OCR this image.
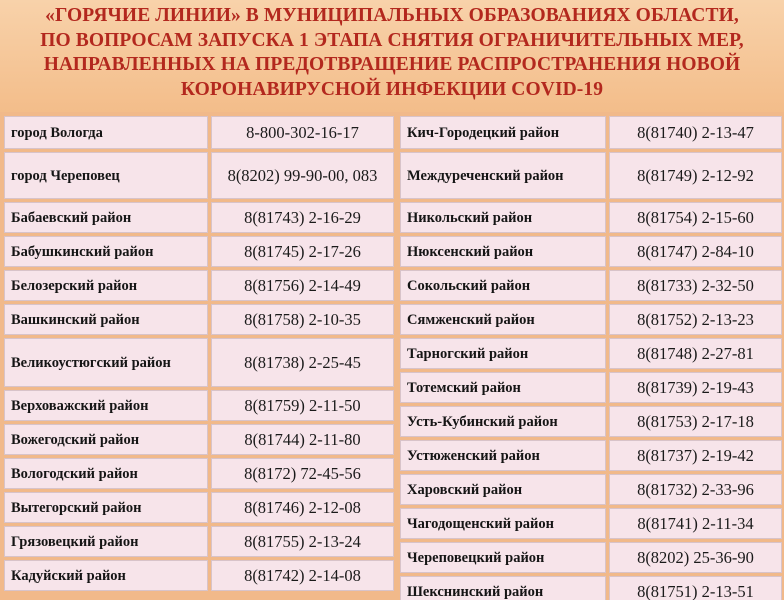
«ГОРЯЧИЕ ЛИНИИ» В МУНИЦИПАЛЬНЫХ ОБРАЗОВАНИЯХ ОБЛАСТИ,
ПО ВОПРОСАМ ЗАПУСКА 1 ЭТАПА СНЯТИЯ ОГРАНИЧИТЕЛЬНЫХ МЕР,
НАПРАВЛЕННЫХ НА ПРЕДОТВРАЩЕНИЕ РАСПРОСТРАНЕНИЯ НОВОЙ
КОРОНАВИРУСНОЙ ИНФЕКЦИИ COVID-19
город Вологда	8-800-302-16-17
город Череповец	8(8202) 99-90-00, 083
Бабаевский район	8(81743) 2-16-29
Бабушкинский район	8(81745) 2-17-26
Белозерский район	8(81756) 2-14-49
Вашкинский район	8(81758) 2-10-35
Великоустюгский район	8(81738) 2-25-45
Верховажский район	8(81759) 2-11-50
Вожегодский район	8(81744) 2-11-80
Вологодский район	8(8172) 72-45-56
Вытегорский район	8(81746) 2-12-08
Грязовецкий район	8(81755) 2-13-24
Кадуйский район	8(81742) 2-14-08
Кич-Городецкий район	8(81740) 2-13-47
Междуреченский район	8(81749) 2-12-92
Никольский район	8(81754) 2-15-60
Нюксенский район	8(81747) 2-84-10
Сокольский район	8(81733) 2-32-50
Сямженский район	8(81752) 2-13-23
Тарногский район	8(81748) 2-27-81
Тотемский район	8(81739) 2-19-43
Усть-Кубинский район	8(81753) 2-17-18
Устюженский район	8(81737) 2-19-42
Харовский район	8(81732) 2-33-96
Чагодощенский район	8(81741) 2-11-34
Череповецкий район	8(8202) 25-36-90
Шекснинский район	8(81751) 2-13-51
